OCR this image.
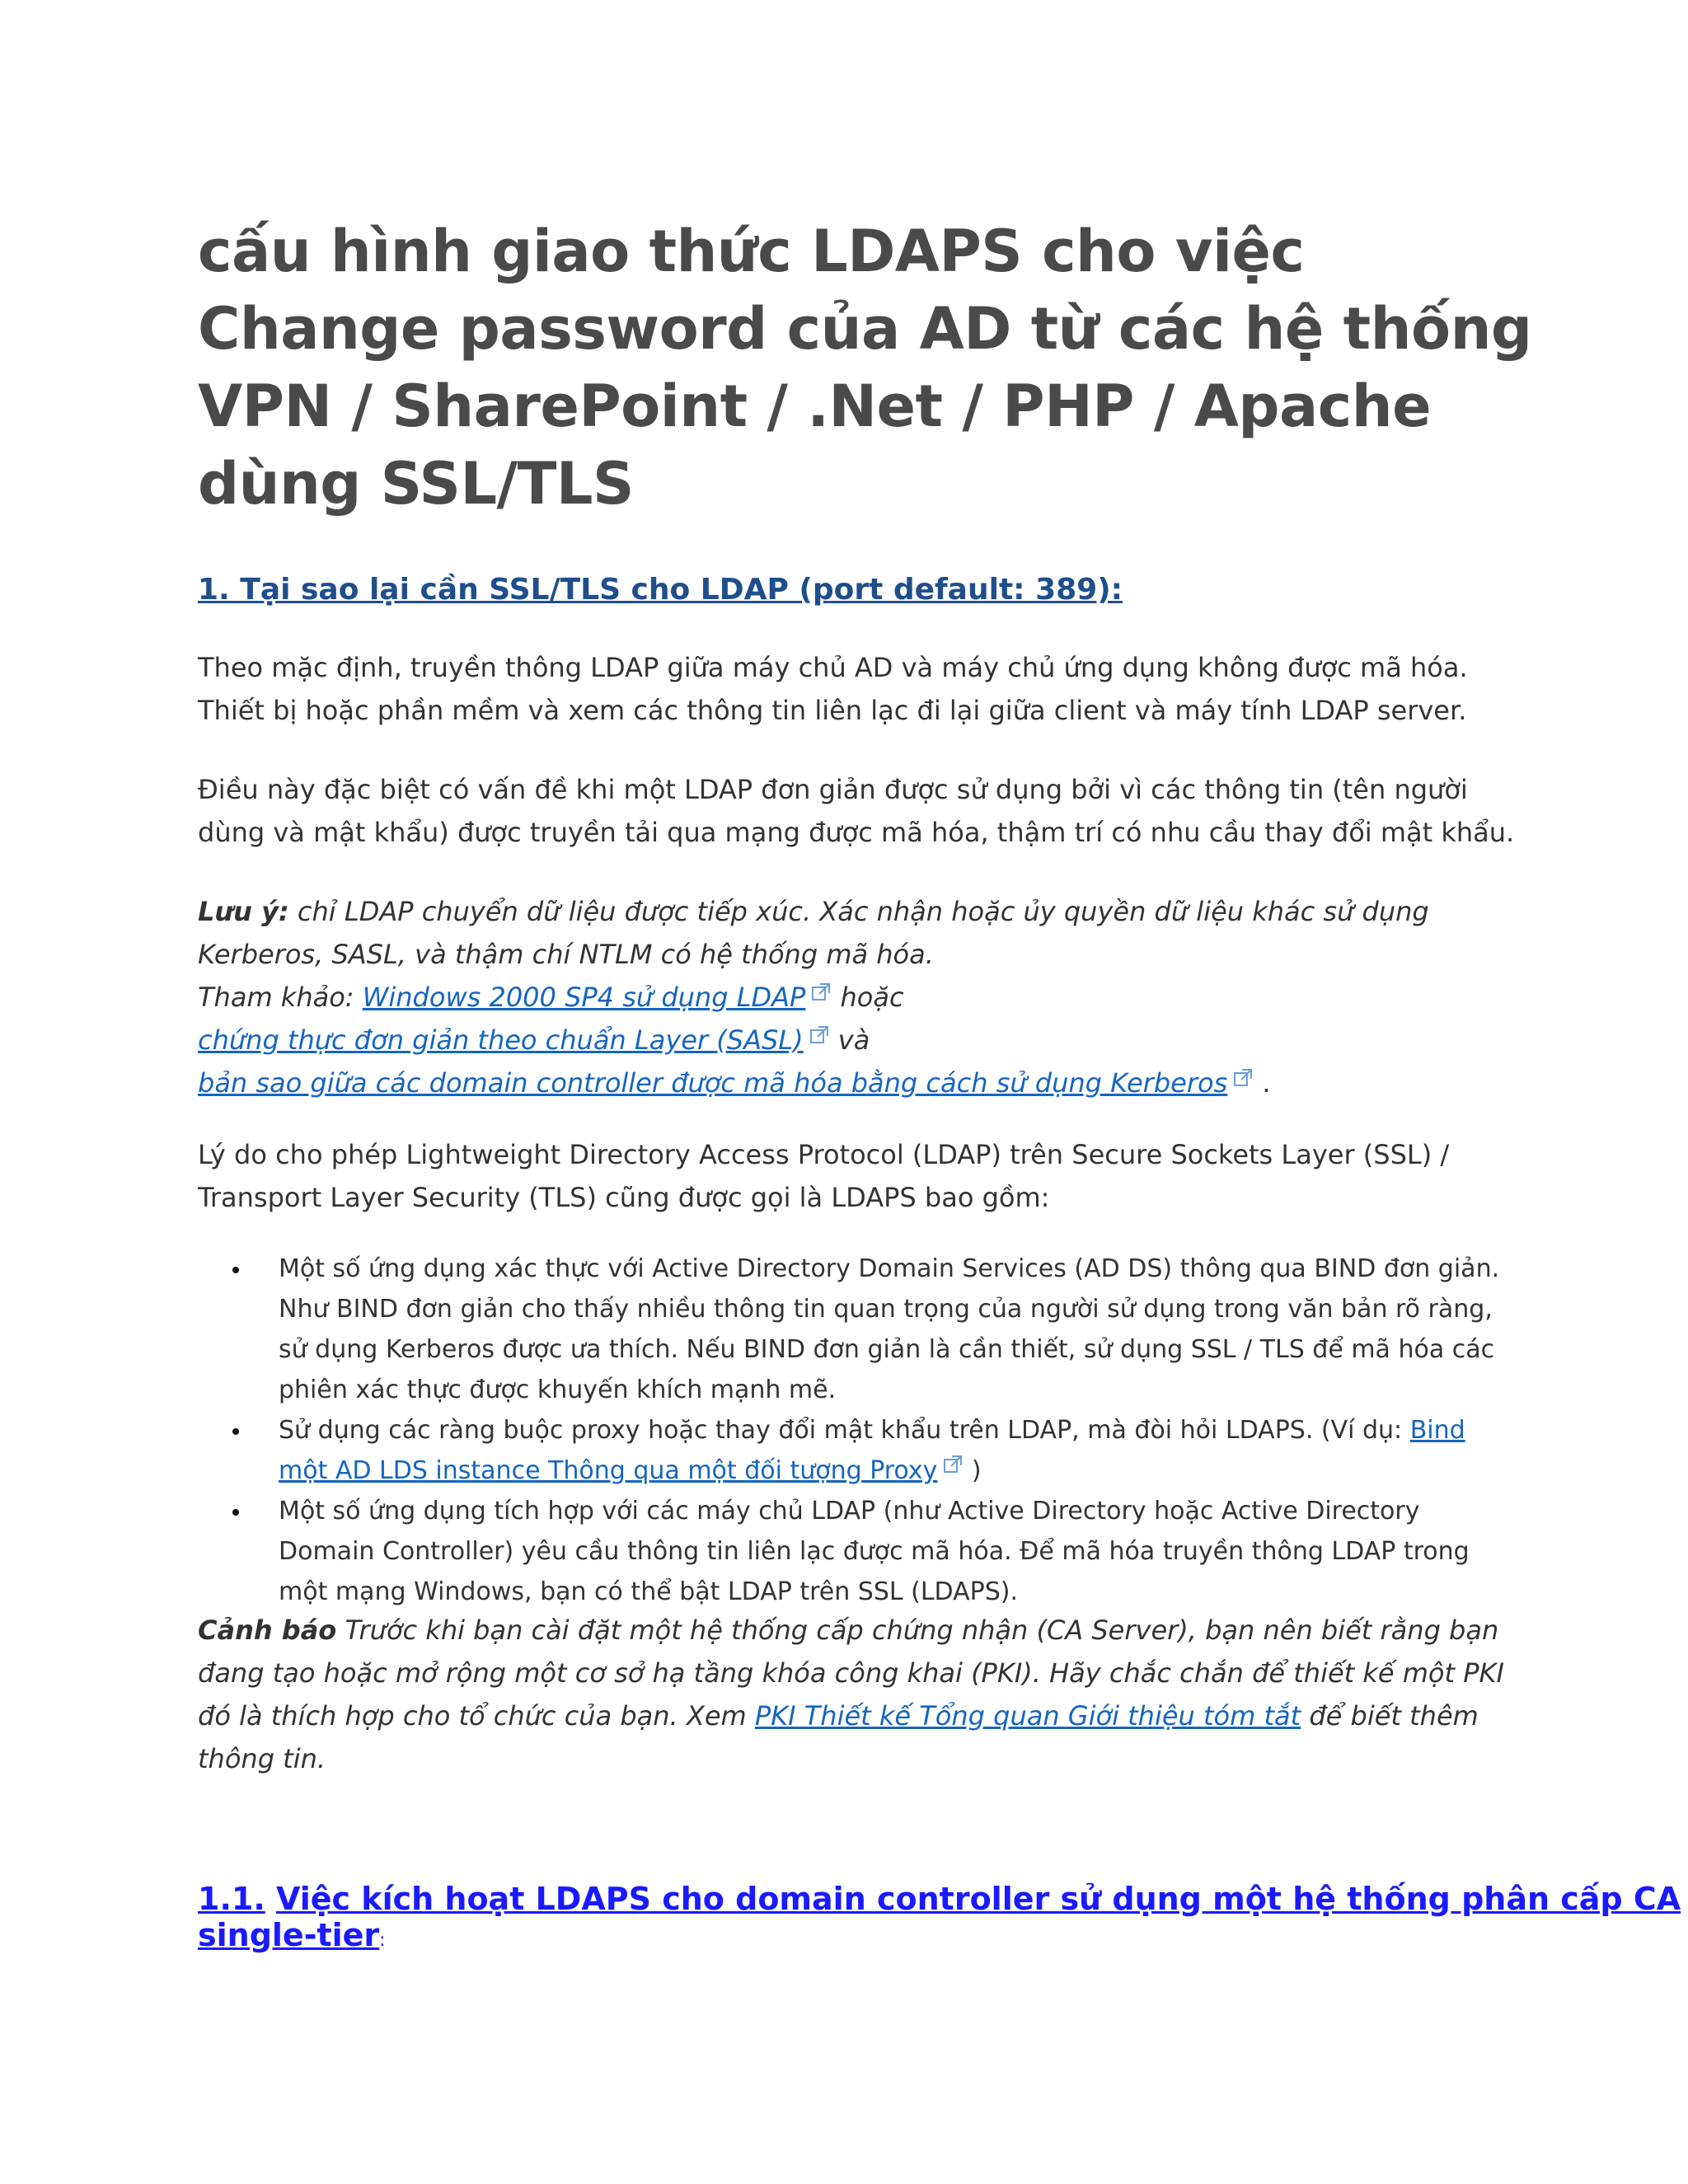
cấu hình giao thức LDAPS cho việc
Change password của AD từ các hệ thống
VPN / SharePoint / .Net / PHP / Apache
dùng SSL/TLS
1. Tại sao lại cần SSL/TLS cho LDAP (port default: 389):

Theo mặc định, truyền thông LDAP giữa máy chủ AD và máy chủ ứng dụng không được mã hóa.
Thiết bị hoặc phần mềm và xem các thông tin liên lạc đi lại giữa client và máy tính LDAP server.

Điều này đặc biệt có vấn đề khi một LDAP đơn giản được sử dụng bởi vì các thông tin (tên người
dùng và mật khẩu) được truyền tải qua mạng được mã hóa, thậm trí có nhu cầu thay đổi mật khẩu.

Lưu ý: chỉ LDAP chuyển dữ liệu được tiếp xúc. Xác nhận hoặc ủy quyền dữ liệu khác sử dụng
Kerberos, SASL, và thậm chí NTLM có hệ thống mã hóa.
Tham khảo: Windows 2000 SP4 sử dụng LDAP hoặc
chứng thực đơn giản theo chuẩn Layer (SASL) và
bản sao giữa các domain controller được mã hóa bằng cách sử dụng Kerberos .

Lý do cho phép Lightweight Directory Access Protocol (LDAP) trên Secure Sockets Layer (SSL) /
Transport Layer Security (TLS) cũng được gọi là LDAPS bao gồm:

Một số ứng dụng xác thực với Active Directory Domain Services (AD DS) thông qua BIND đơn giản.
Như BIND đơn giản cho thấy nhiều thông tin quan trọng của người sử dụng trong văn bản rõ ràng,
sử dụng Kerberos được ưa thích. Nếu BIND đơn giản là cần thiết, sử dụng SSL / TLS để mã hóa các
phiên xác thực được khuyến khích mạnh mẽ.
Sử dụng các ràng buộc proxy hoặc thay đổi mật khẩu trên LDAP, mà đòi hỏi LDAPS. (Ví dụ: Bind
một AD LDS instance Thông qua một đối tượng Proxy )
Một số ứng dụng tích hợp với các máy chủ LDAP (như Active Directory hoặc Active Directory
Domain Controller) yêu cầu thông tin liên lạc được mã hóa. Để mã hóa truyền thông LDAP trong
một mạng Windows, bạn có thể bật LDAP trên SSL (LDAPS).

Cảnh báo Trước khi bạn cài đặt một hệ thống cấp chứng nhận (CA Server), bạn nên biết rằng bạn
đang tạo hoặc mở rộng một cơ sở hạ tầng khóa công khai (PKI). Hãy chắc chắn để thiết kế một PKI
đó là thích hợp cho tổ chức của bạn. Xem PKI Thiết kế Tổng quan Giới thiệu tóm tắt để biết thêm
thông tin.

1.1. Việc kích hoạt LDAPS cho domain controller sử dụng một hệ thống phân cấp CA
single-tier:
